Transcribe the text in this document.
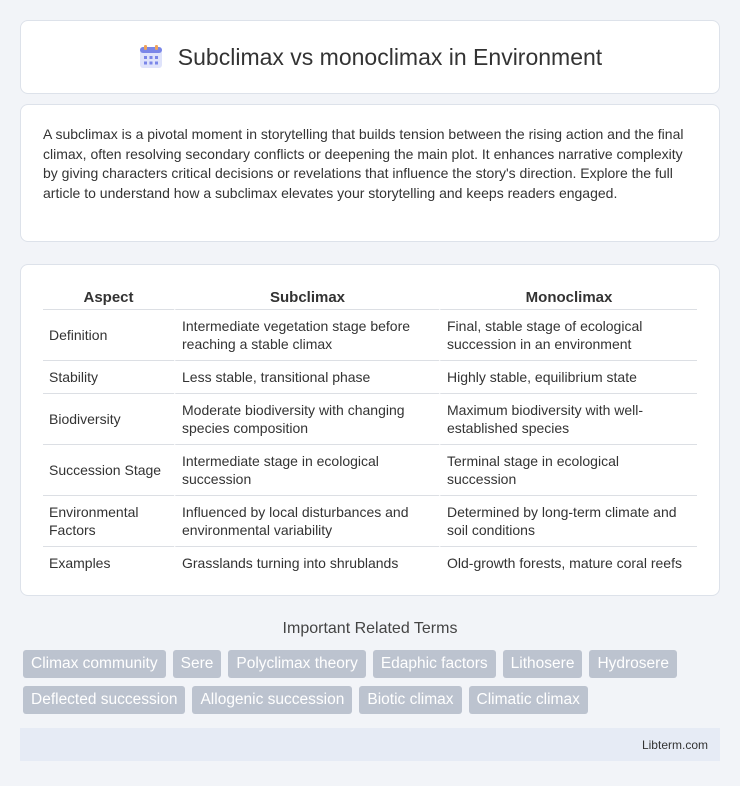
Subclimax vs monoclimax in Environment

A subclimax is a pivotal moment in storytelling that builds tension between the rising action and the final climax, often resolving secondary conflicts or deepening the main plot. It enhances narrative complexity by giving characters critical decisions or revelations that influence the story's direction. Explore the full article to understand how a subclimax elevates your storytelling and keeps readers engaged.

Aspect	Subclimax	Monoclimax
Definition	Intermediate vegetation stage before reaching a stable climax	Final, stable stage of ecological succession in an environment
Stability	Less stable, transitional phase	Highly stable, equilibrium state
Biodiversity	Moderate biodiversity with changing species composition	Maximum biodiversity with well-established species
Succession Stage	Intermediate stage in ecological succession	Terminal stage in ecological succession
Environmental Factors	Influenced by local disturbances and environmental variability	Determined by long-term climate and soil conditions
Examples	Grasslands turning into shrublands	Old-growth forests, mature coral reefs
Important Related Terms
Climax community	Sere	Polyclimax theory	Edaphic factors	Lithosere	Hydrosere
Deflected succession	Allogenic succession	Biotic climax	Climatic climax
Libterm.com
